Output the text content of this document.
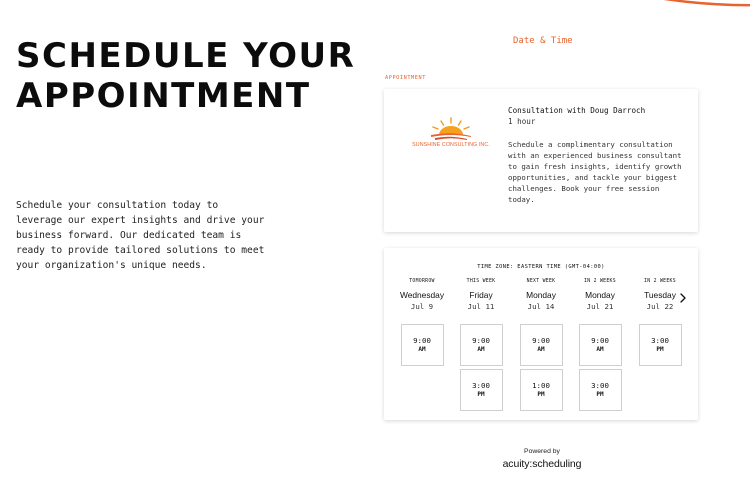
SCHEDULE YOUR APPOINTMENT

Schedule your consultation today to leverage our expert insights and drive your business forward. Our dedicated team is ready to provide tailored solutions to meet your organization's unique needs.

Date & Time
APPOINTMENT
SUNSHINE CONSULTING INC.
Consultation with Doug Darroch
1 hour
Schedule a complimentary consultation with an experienced business consultant to gain fresh insights, identify growth opportunities, and tackle your biggest challenges. Book your free session today.
TIME ZONE: EASTERN TIME (GMT-04:00)
TOMORROW
Wednesday
Jul 9
9:00
AM
THIS WEEK
Friday
Jul 11
9:00
AM
3:00
PM
NEXT WEEK
Monday
Jul 14
9:00
AM
1:00
PM
IN 2 WEEKS
Monday
Jul 21
9:00
AM
3:00
PM
IN 2 WEEKS
Tuesday
Jul 22
3:00
PM
Powered by
acuity:scheduling
